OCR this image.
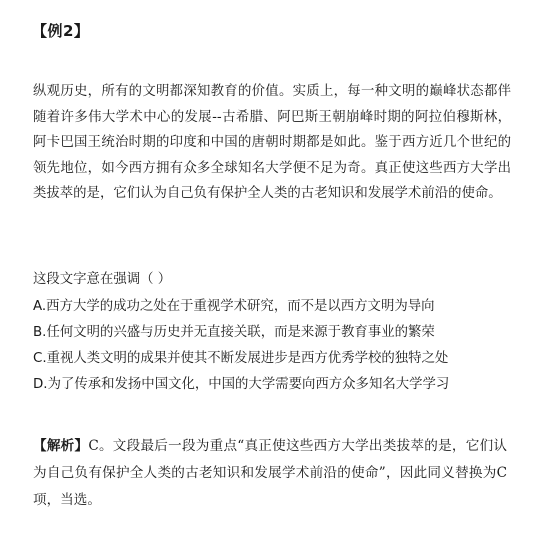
【例2】

纵观历史，所有的文明都深知教育的价值。实质上，每一种文明的巅峰状态都伴随着许多伟大学术中心的发展--古希腊、阿巴斯王朝崩峰时期的阿拉伯穆斯林，阿卡巴国王统治时期的印度和中国的唐朝时期都是如此。鉴于西方近几个世纪的领先地位，如今西方拥有众多全球知名大学便不足为奇。真正使这些西方大学出类拔萃的是，它们认为自己负有保护全人类的古老知识和发展学术前沿的使命。

这段文字意在强调（ ）
A.西方大学的成功之处在于重视学术研究，而不是以西方文明为导向
B.任何文明的兴盛与历史并无直接关联，而是来源于教育事业的繁荣
C.重视人类文明的成果并使其不断发展进步是西方优秀学校的独特之处
D.为了传承和发扬中国文化，中国的大学需要向西方众多知名大学学习

【解析】C。文段最后一段为重点“真正使这些西方大学出类拔萃的是，它们认为自己负有保护全人类的古老知识和发展学术前沿的使命”，因此同义替换为C项，当选。
